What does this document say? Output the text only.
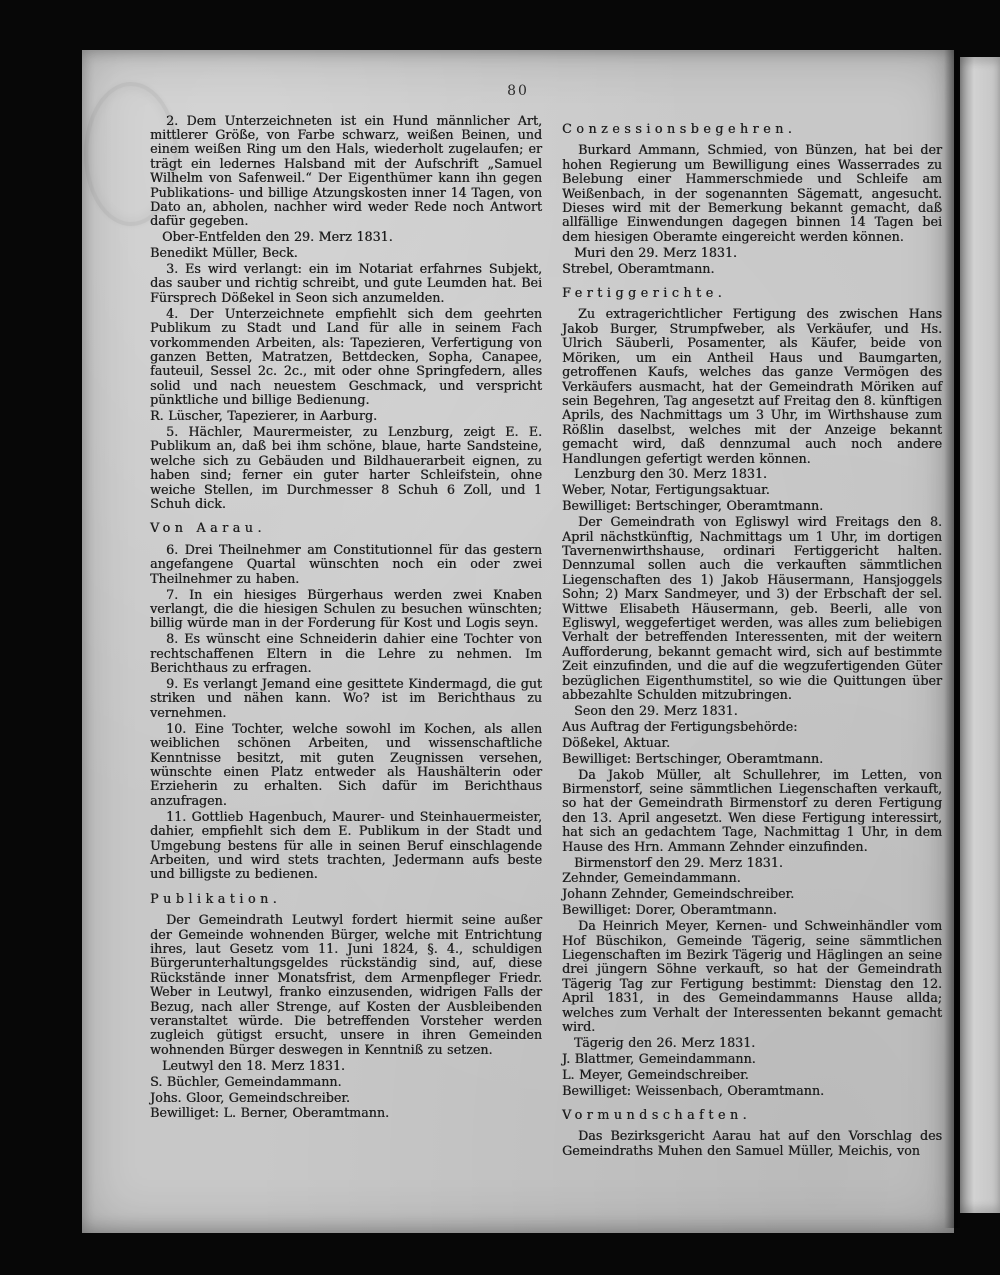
80

2. Dem Unterzeichneten ist ein Hund männlicher Art, mittlerer Größe, von Farbe schwarz, weißen Beinen, und einem weißen Ring um den Hals, wiederholt zugelaufen; er trägt ein ledernes Halsband mit der Aufschrift „Samuel Wilhelm von Safenweil.“ Der Eigenthümer kann ihn gegen Publikations- und billige Atzungskosten inner 14 Tagen, von Dato an, abholen, nachher wird weder Rede noch Antwort dafür gegeben.

Ober-Entfelden den 29. Merz 1831.

Benedikt Müller, Beck.

3. Es wird verlangt: ein im Notariat erfahrnes Subjekt, das sauber und richtig schreibt, und gute Leumden hat. Bei Fürsprech Dößekel in Seon sich anzumelden.

4. Der Unterzeichnete empfiehlt sich dem geehrten Publikum zu Stadt und Land für alle in seinem Fach vorkommenden Arbeiten, als: Tapezieren, Verfertigung von ganzen Betten, Matratzen, Bettdecken, Sopha, Canapee, fauteuil, Sessel 2c. 2c., mit oder ohne Springfedern, alles solid und nach neuestem Geschmack, und verspricht pünktliche und billige Bedienung.

R. Lüscher, Tapezierer, in Aarburg.

5. Hächler, Maurermeister, zu Lenzburg, zeigt E. E. Publikum an, daß bei ihm schöne, blaue, harte Sandsteine, welche sich zu Gebäuden und Bildhauerarbeit eignen, zu haben sind; ferner ein guter harter Schleifstein, ohne weiche Stellen, im Durchmesser 8 Schuh 6 Zoll, und 1 Schuh dick.

Von Aarau.

6. Drei Theilnehmer am Constitutionnel für das gestern angefangene Quartal wünschten noch ein oder zwei Theilnehmer zu haben.

7. In ein hiesiges Bürgerhaus werden zwei Knaben verlangt, die die hiesigen Schulen zu besuchen wünschten; billig würde man in der Forderung für Kost und Logis seyn.

8. Es wünscht eine Schneiderin dahier eine Tochter von rechtschaffenen Eltern in die Lehre zu nehmen. Im Berichthaus zu erfragen.

9. Es verlangt Jemand eine gesittete Kindermagd, die gut striken und nähen kann. Wo? ist im Berichthaus zu vernehmen.

10. Eine Tochter, welche sowohl im Kochen, als allen weiblichen schönen Arbeiten, und wissenschaftliche Kenntnisse besitzt, mit guten Zeugnissen versehen, wünschte einen Platz entweder als Haushälterin oder Erzieherin zu erhalten. Sich dafür im Berichthaus anzufragen.

11. Gottlieb Hagenbuch, Maurer- und Steinhauermeister, dahier, empfiehlt sich dem E. Publikum in der Stadt und Umgebung bestens für alle in seinen Beruf einschlagende Arbeiten, und wird stets trachten, Jedermann aufs beste und billigste zu bedienen.

Publikation.

Der Gemeindrath Leutwyl fordert hiermit seine außer der Gemeinde wohnenden Bürger, welche mit Entrichtung ihres, laut Gesetz vom 11. Juni 1824, §. 4., schuldigen Bürgerunterhaltungsgeldes rückständig sind, auf, diese Rückstände inner Monatsfrist, dem Armenpfleger Friedr. Weber in Leutwyl, franko einzusenden, widrigen Falls der Bezug, nach aller Strenge, auf Kosten der Ausbleibenden veranstaltet würde. Die betreffenden Vorsteher werden zugleich gütigst ersucht, unsere in ihren Gemeinden wohnenden Bürger deswegen in Kenntniß zu setzen.

Leutwyl den 18. Merz 1831.

S. Büchler, Gemeindammann.

Johs. Gloor, Gemeindschreiber.

Bewilliget: L. Berner, Oberamtmann.

Conzessionsbegehren.

Burkard Ammann, Schmied, von Bünzen, hat bei der hohen Regierung um Bewilligung eines Wasserrades zu Belebung einer Hammerschmiede und Schleife am Weißenbach, in der sogenannten Sägematt, angesucht. Dieses wird mit der Bemerkung bekannt gemacht, daß allfällige Einwendungen dagegen binnen 14 Tagen bei dem hiesigen Oberamte eingereicht werden können.

Muri den 29. Merz 1831.

Strebel, Oberamtmann.

Fertiggerichte.

Zu extragerichtlicher Fertigung des zwischen Hans Jakob Burger, Strumpfweber, als Verkäufer, und Hs. Ulrich Säuberli, Posamenter, als Käufer, beide von Möriken, um ein Antheil Haus und Baumgarten, getroffenen Kaufs, welches das ganze Vermögen des Verkäufers ausmacht, hat der Gemeindrath Möriken auf sein Begehren, Tag angesetzt auf Freitag den 8. künftigen Aprils, des Nachmittags um 3 Uhr, im Wirthshause zum Rößlin daselbst, welches mit der Anzeige bekannt gemacht wird, daß dennzumal auch noch andere Handlungen gefertigt werden können.

Lenzburg den 30. Merz 1831.

Weber, Notar, Fertigungsaktuar.

Bewilliget: Bertschinger, Oberamtmann.

Der Gemeindrath von Egliswyl wird Freitags den 8. April nächstkünftig, Nachmittags um 1 Uhr, im dortigen Tavernenwirthshause, ordinari Fertiggericht halten. Dennzumal sollen auch die verkauften sämmtlichen Liegenschaften des 1) Jakob Häusermann, Hansjoggels Sohn; 2) Marx Sandmeyer, und 3) der Erbschaft der sel. Wittwe Elisabeth Häusermann, geb. Beerli, alle von Egliswyl, weggefertiget werden, was alles zum beliebigen Verhalt der betreffenden Interessenten, mit der weitern Aufforderung, bekannt gemacht wird, sich auf bestimmte Zeit einzufinden, und die auf die wegzufertigenden Güter bezüglichen Eigenthumstitel, so wie die Quittungen über abbezahlte Schulden mitzubringen.

Seon den 29. Merz 1831.

Aus Auftrag der Fertigungsbehörde:

Dößekel, Aktuar.

Bewilliget: Bertschinger, Oberamtmann.

Da Jakob Müller, alt Schullehrer, im Letten, von Birmenstorf, seine sämmtlichen Liegenschaften verkauft, so hat der Gemeindrath Birmenstorf zu deren Fertigung den 13. April angesetzt. Wen diese Fertigung interessirt, hat sich an gedachtem Tage, Nachmittag 1 Uhr, in dem Hause des Hrn. Ammann Zehnder einzufinden.

Birmenstorf den 29. Merz 1831.

Zehnder, Gemeindammann.

Johann Zehnder, Gemeindschreiber.

Bewilliget: Dorer, Oberamtmann.

Da Heinrich Meyer, Kernen- und Schweinhändler vom Hof Büschikon, Gemeinde Tägerig, seine sämmtlichen Liegenschaften im Bezirk Tägerig und Häglingen an seine drei jüngern Söhne verkauft, so hat der Gemeindrath Tägerig Tag zur Fertigung bestimmt: Dienstag den 12. April 1831, in des Gemeindammanns Hause allda; welches zum Verhalt der Interessenten bekannt gemacht wird.

Tägerig den 26. Merz 1831.

J. Blattmer, Gemeindammann.

L. Meyer, Gemeindschreiber.

Bewilliget: Weissenbach, Oberamtmann.

Vormundschaften.

Das Bezirksgericht Aarau hat auf den Vorschlag des Gemeindraths Muhen den Samuel Müller, Meichis, von
